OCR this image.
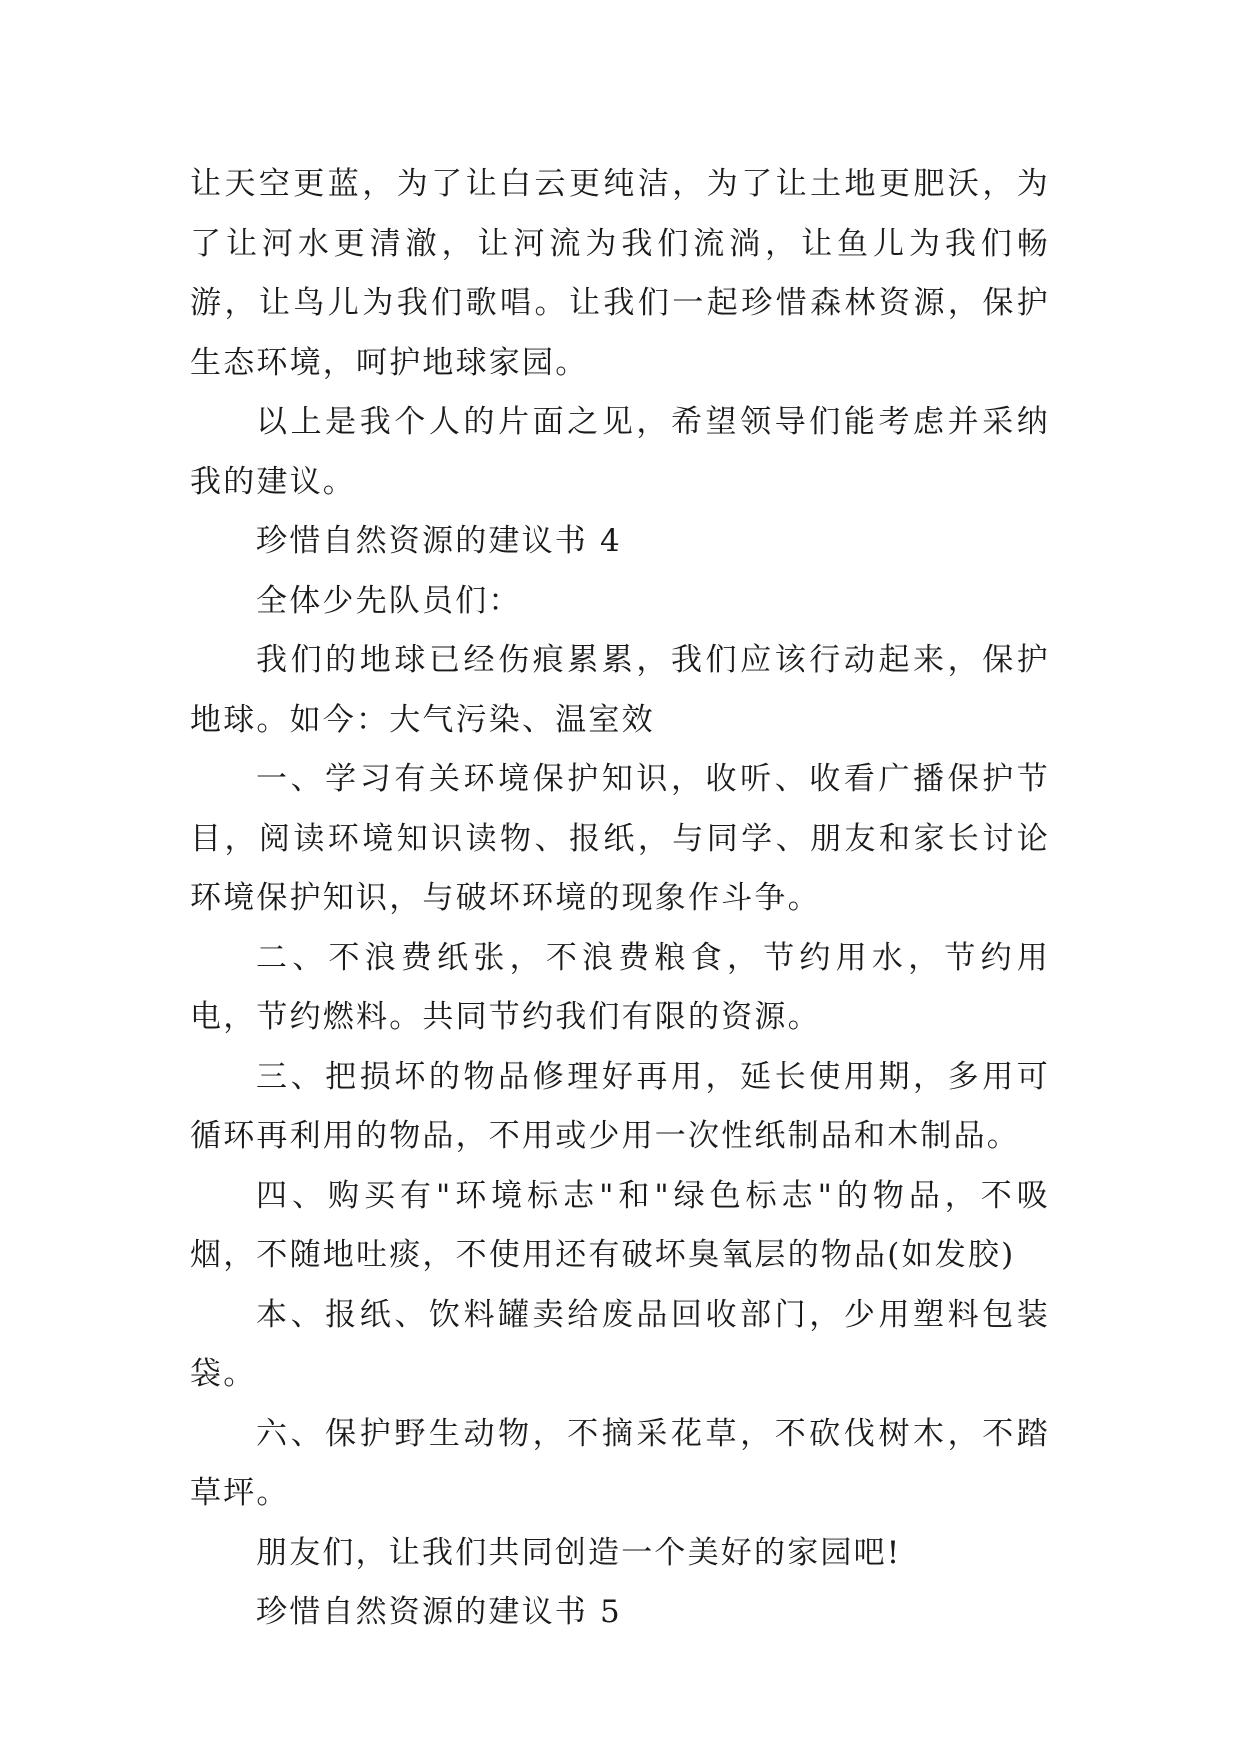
让天空更蓝，为了让白云更纯洁，为了让土地更肥沃，为了让河水更清澈，让河流为我们流淌，让鱼儿为我们畅游，让鸟儿为我们歌唱。让我们一起珍惜森林资源，保护生态环境，呵护地球家园。

以上是我个人的片面之见，希望领导们能考虑并采纳我的建议。

珍惜自然资源的建议书 4

全体少先队员们：

我们的地球已经伤痕累累，我们应该行动起来，保护地球。如今：大气污染、温室效

一、学习有关环境保护知识，收听、收看广播保护节目，阅读环境知识读物、报纸，与同学、朋友和家长讨论环境保护知识，与破坏环境的现象作斗争。

二、不浪费纸张，不浪费粮食，节约用水，节约用电，节约燃料。共同节约我们有限的资源。

三、把损坏的物品修理好再用，延长使用期，多用可循环再利用的物品，不用或少用一次性纸制品和木制品。

四、购买有"环境标志"和"绿色标志"的物品，不吸烟，不随地吐痰，不使用还有破坏臭氧层的物品(如发胶)

本、报纸、饮料罐卖给废品回收部门，少用塑料包装袋。

六、保护野生动物，不摘采花草，不砍伐树木，不踏草坪。

朋友们，让我们共同创造一个美好的家园吧!

珍惜自然资源的建议书 5
